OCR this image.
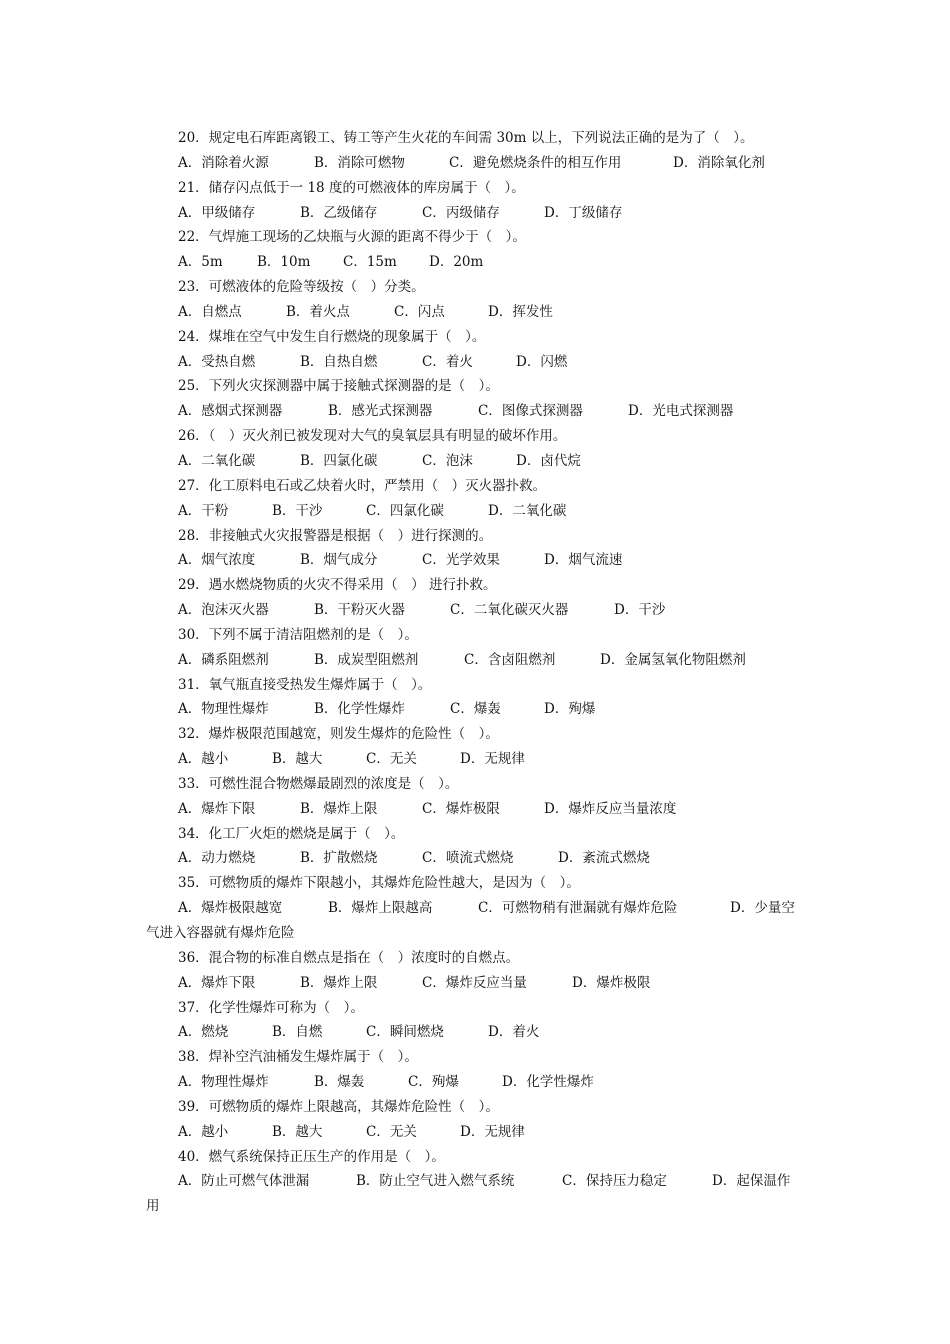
20．规定电石库距离锻工、铸工等产生火花的车间需 30m 以上，下列说法正确的是为了（　）。
A．消除着火源	B．消除可燃物	C．避免燃烧条件的相互作用	D．消除氧化剂
21．储存闪点低于一 18 度的可燃液体的库房属于（　）。
A．甲级储存	B．乙级储存	C．丙级储存	D．丁级储存
22．气焊施工现场的乙炔瓶与火源的距离不得少于（　）。
A．5m	B．10m C．15m D．20m
23．可燃液体的危险等级按（　）分类。
A．自燃点	B．着火点	C．闪点	D．挥发性
24．煤堆在空气中发生自行燃烧的现象属于（　）。
A．受热自燃	B．自热自燃	C．着火	D．闪燃
25．下列火灾探测器中属于接触式探测器的是（　）。
A．感烟式探测器	B．感光式探测器	C．图像式探测器	D．光电式探测器
26．（　）灭火剂已被发现对大气的臭氧层具有明显的破坏作用。
A．二氧化碳	B．四氯化碳	C．泡沫	D．卤代烷
27．化工原料电石或乙炔着火时，严禁用（　）灭火器扑救。
A．干粉	B．干沙	C．四氯化碳	D．二氧化碳
28．非接触式火灾报警器是根据（　）进行探测的。
A．烟气浓度	B．烟气成分	C．光学效果	D．烟气流速
29．遇水燃烧物质的火灾不得采用（　） 进行扑救。
A．泡沫灭火器	B．干粉灭火器	C．二氧化碳灭火器	D．干沙
30．下列不属于清洁阻燃剂的是（　）。
A．磷系阻燃剂	B．成炭型阻燃剂	C．含卤阻燃剂	D．金属氢氧化物阻燃剂
31．氧气瓶直接受热发生爆炸属于（　）。
A．物理性爆炸	B．化学性爆炸	C．爆轰	D．殉爆
32．爆炸极限范围越宽，则发生爆炸的危险性（　）。
A．越小	B．越大	C．无关	D．无规律
33．可燃性混合物燃爆最剧烈的浓度是（　）。
A．爆炸下限	B．爆炸上限	C．爆炸极限	D．爆炸反应当量浓度
34．化工厂火炬的燃烧是属于（　）。
A．动力燃烧	B．扩散燃烧	C．喷流式燃烧	D．紊流式燃烧
35．可燃物质的爆炸下限越小，其爆炸危险性越大，是因为（　）。
A．爆炸极限越宽	B．爆炸上限越高	C．可燃物稍有泄漏就有爆炸危险	D．少量空
气进入容器就有爆炸危险
36．混合物的标准自燃点是指在（　）浓度时的自燃点。
A．爆炸下限	B．爆炸上限	C．爆炸反应当量	D．爆炸极限
37．化学性爆炸可称为（　）。
A．燃烧	B．自燃	C．瞬间燃烧	D．着火
38．焊补空汽油桶发生爆炸属于（　）。
A．物理性爆炸	B．爆轰	C．殉爆	D．化学性爆炸
39．可燃物质的爆炸上限越高，其爆炸危险性（　）。
A．越小	B．越大	C．无关	D．无规律
40．燃气系统保持正压生产的作用是（　）。
A．防止可燃气体泄漏	B．防止空气进入燃气系统	C．保持压力稳定	D．起保温作
用
